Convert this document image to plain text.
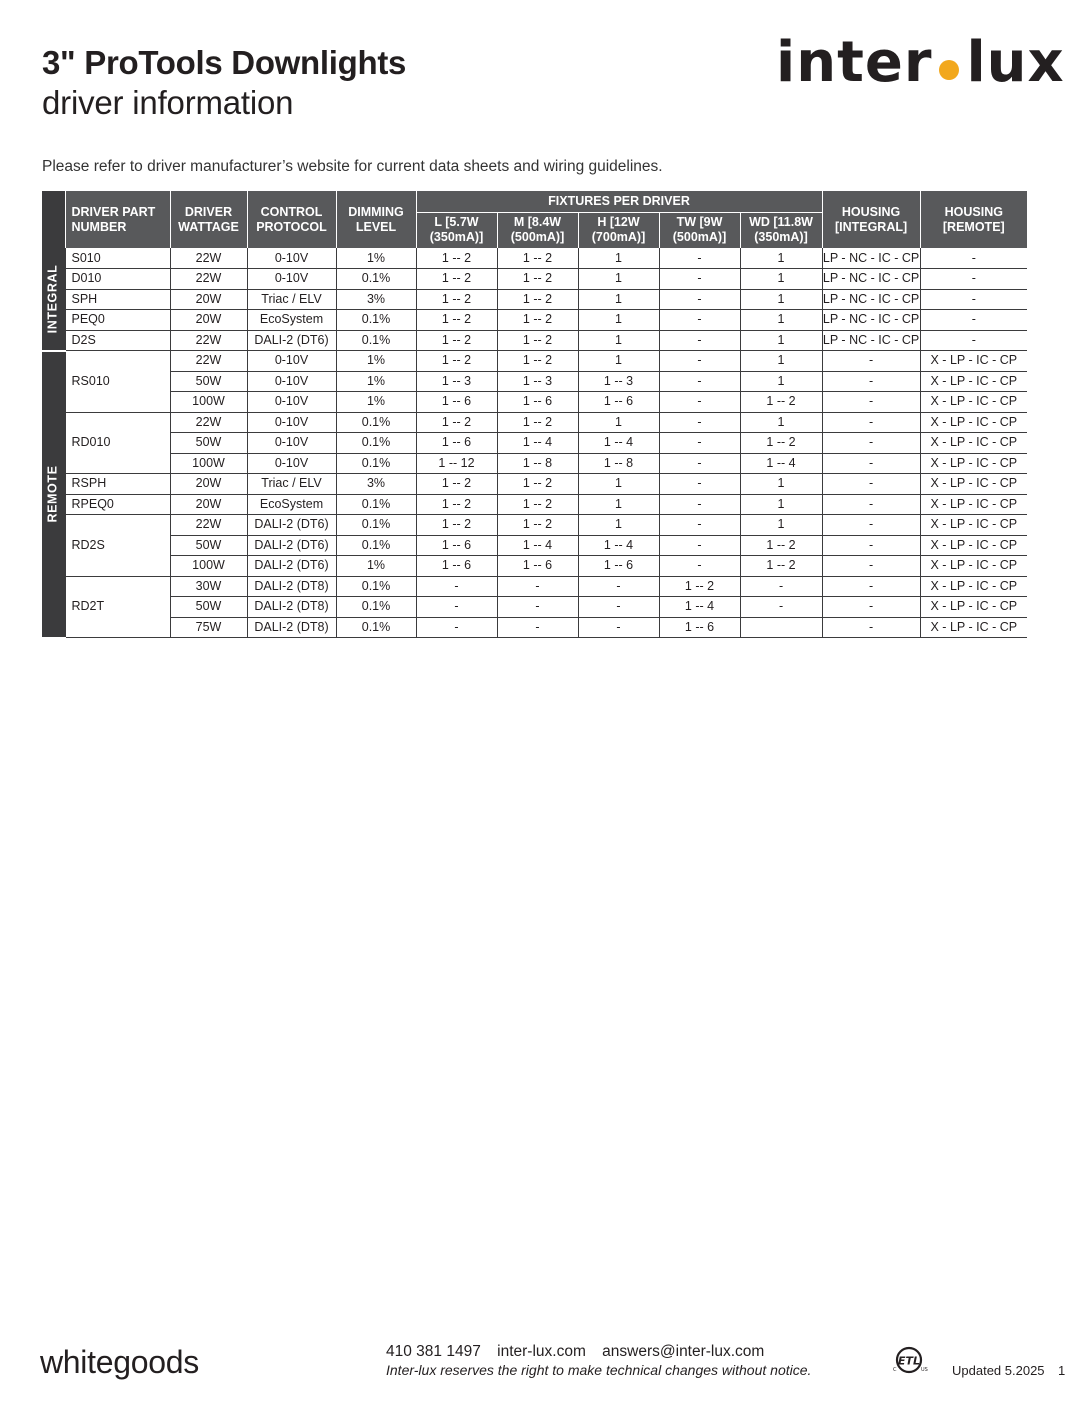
3" ProTools Downlights
driver information
inter lux
Please refer to driver manufacturer’s website for current data sheets and wiring guidelines.
	DRIVER PART NUMBER	DRIVER WATTAGE	CONTROL PROTOCOL	DIMMING LEVEL	FIXTURES PER DRIVER					HOUSING [INTEGRAL]	HOUSING [REMOTE]
					L [5.7W (350mA)]	M [8.4W (500mA)]	H [12W (700mA)]	TW [9W (500mA)]	WD [11.8W (350mA)]		

INTEGRAL	S010	22W	0-10V	1%	1 -- 2	1 -- 2	1	-	1	LP - NC - IC - CP	-
	D010	22W	0-10V	0.1%	1 -- 2	1 -- 2	1	-	1	LP - NC - IC - CP	-
	SPH	20W	Triac / ELV	3%	1 -- 2	1 -- 2	1	-	1	LP - NC - IC - CP	-
	PEQ0	20W	EcoSystem	0.1%	1 -- 2	1 -- 2	1	-	1	LP - NC - IC - CP	-
	D2S	22W	DALI-2 (DT6)	0.1%	1 -- 2	1 -- 2	1	-	1	LP - NC - IC - CP	-

REMOTE	RS010	22W	0-10V	1%	1 -- 2	1 -- 2	1	-	1	-	X - LP - IC - CP
		50W	0-10V	1%	1 -- 3	1 -- 3	1 -- 3	-	1	-	X - LP - IC - CP
		100W	0-10V	1%	1 -- 6	1 -- 6	1 -- 6	-	1 -- 2	-	X - LP - IC - CP
	RD010	22W	0-10V	0.1%	1 -- 2	1 -- 2	1	-	1	-	X - LP - IC - CP
		50W	0-10V	0.1%	1 -- 6	1 -- 4	1 -- 4	-	1 -- 2	-	X - LP - IC - CP
		100W	0-10V	0.1%	1 -- 12	1 -- 8	1 -- 8	-	1 -- 4	-	X - LP - IC - CP
	RSPH	20W	Triac / ELV	3%	1 -- 2	1 -- 2	1	-	1	-	X - LP - IC - CP
	RPEQ0	20W	EcoSystem	0.1%	1 -- 2	1 -- 2	1	-	1	-	X - LP - IC - CP
	RD2S	22W	DALI-2 (DT6)	0.1%	1 -- 2	1 -- 2	1	-	1	-	X - LP - IC - CP
		50W	DALI-2 (DT6)	0.1%	1 -- 6	1 -- 4	1 -- 4	-	1 -- 2	-	X - LP - IC - CP
		100W	DALI-2 (DT6)	1%	1 -- 6	1 -- 6	1 -- 6	-	1 -- 2	-	X - LP - IC - CP
	RD2T	30W	DALI-2 (DT8)	0.1%	-	-	-	1 -- 2	-	-	X - LP - IC - CP
		50W	DALI-2 (DT8)	0.1%	-	-	-	1 -- 4	-	-	X - LP - IC - CP
		75W	DALI-2 (DT8)	0.1%	-	-	-	1 -- 6		-	X - LP - IC - CP
whitegoods	410 381 1497 inter-lux.com answers@inter-lux.com
Inter-lux reserves the right to make technical changes without notice.
ETL
C	US Updated 5.2025 1
